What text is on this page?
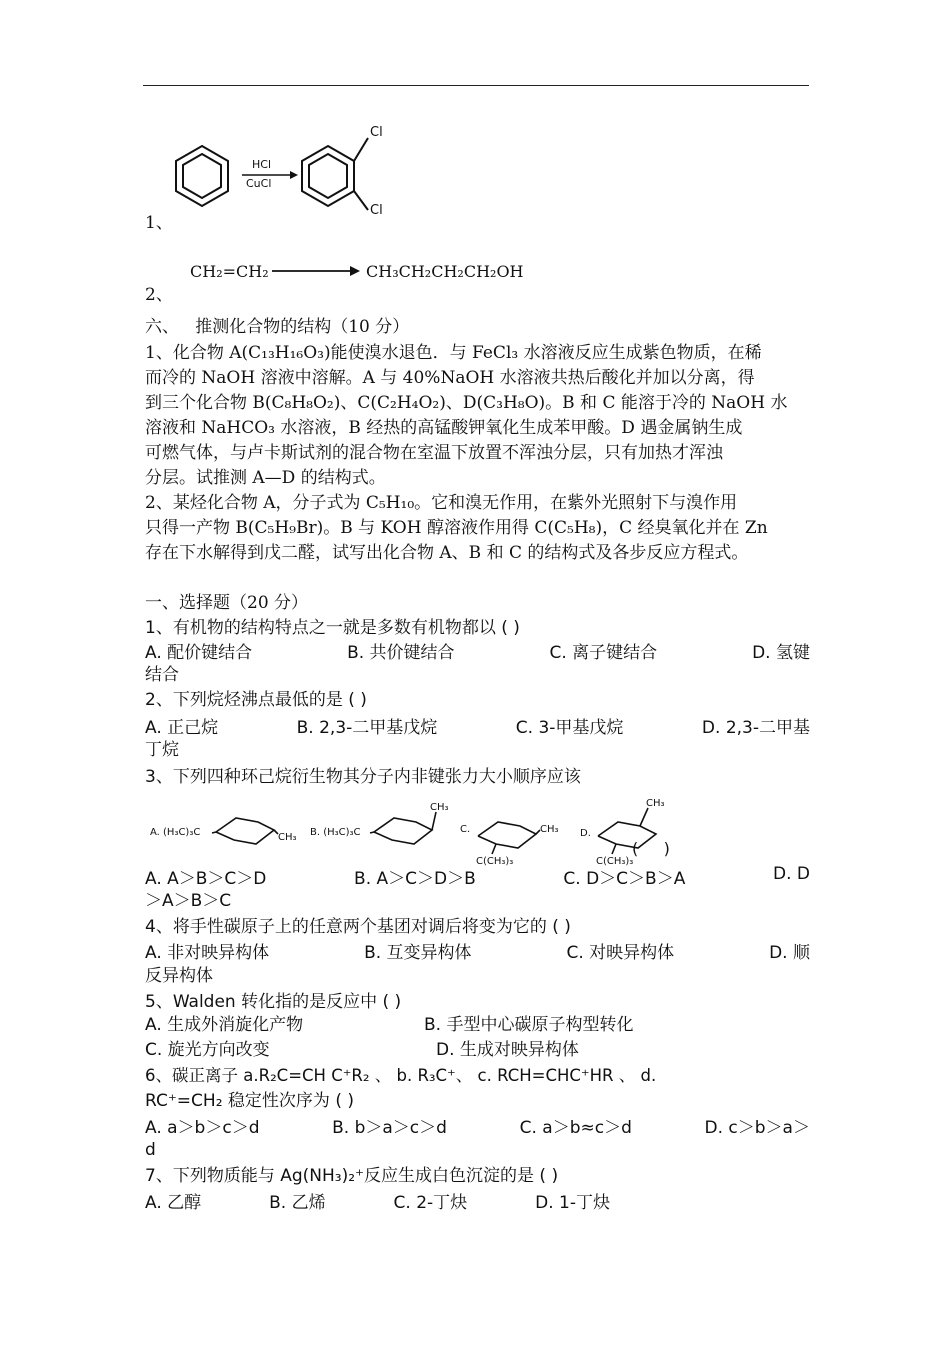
HCl
CuCl
Cl
Cl
1、
CH₂=CH₂	CH₃CH₂CH₂CH₂OH
2、
六、   推测化合物的结构（10 分）
1、化合物 A(C₁₃H₁₆O₃)能使溴水退色．与 FeCl₃ 水溶液反应生成紫色物质，在稀
而冷的 NaOH 溶液中溶解。A 与 40%NaOH 水溶液共热后酸化并加以分离，得
到三个化合物 B(C₈H₈O₂)、C(C₂H₄O₂)、D(C₃H₈O)。B 和 C 能溶于冷的 NaOH 水
溶液和 NaHCO₃ 水溶液，B 经热的高锰酸钾氧化生成苯甲酸。D 遇金属钠生成
可燃气体，与卢卡斯试剂的混合物在室温下放置不浑浊分层，只有加热才浑浊
分层。试推测 A—D 的结构式。
2、某烃化合物 A，分子式为 C₅H₁₀。它和溴无作用，在紫外光照射下与溴作用
只得一产物 B(C₅H₉Br)。B 与 KOH 醇溶液作用得 C(C₅H₈)，C 经臭氧化并在 Zn
存在下水解得到戊二醛，试写出化合物 A、B 和 C 的结构式及各步反应方程式。
一、选择题（20 分）
1、有机物的结构特点之一就是多数有机物都以 ( )
A. 配价键结合	B. 共价键结合	C. 离子键结合	D. 氢键
结合
2、下列烷烃沸点最低的是 ( )
A. 正己烷	B. 2,3-二甲基戊烷	C. 3-甲基戊烷	D. 2,3-二甲基
丁烷
3、下列四种环己烷衍生物其分子内非键张力大小顺序应该
A. (H₃C)₃C	CH₃ B. (H₃C)₃C
CH₃
C.	CH₃
C(CH₃)₃
D.
CH₃
C(CH₃)₃
(     )
A. A＞B＞C＞D	B. A＞C＞D＞B	C. D＞C＞B＞A	D. D
＞A＞B＞C
4、将手性碳原子上的任意两个基团对调后将变为它的 ( )
A. 非对映异构体	B. 互变异构体	C. 对映异构体	D. 顺
反异构体
5、Walden 转化指的是反应中 ( )
A. 生成外消旋化产物	B. 手型中心碳原子构型转化
C. 旋光方向改变	D. 生成对映异构体
6、碳正离子 a.R₂C=CH C⁺R₂ 、 b. R₃C⁺、 c. RCH=CHC⁺HR 、 d.
RC⁺=CH₂ 稳定性次序为 ( )
A. a＞b＞c＞d	B. b＞a＞c＞d	C. a＞b≈c＞d	D. c＞b＞a＞
d
7、下列物质能与 Ag(NH₃)₂⁺反应生成白色沉淀的是 ( )
A. 乙醇	B. 乙烯	C. 2-丁炔	D. 1-丁炔
